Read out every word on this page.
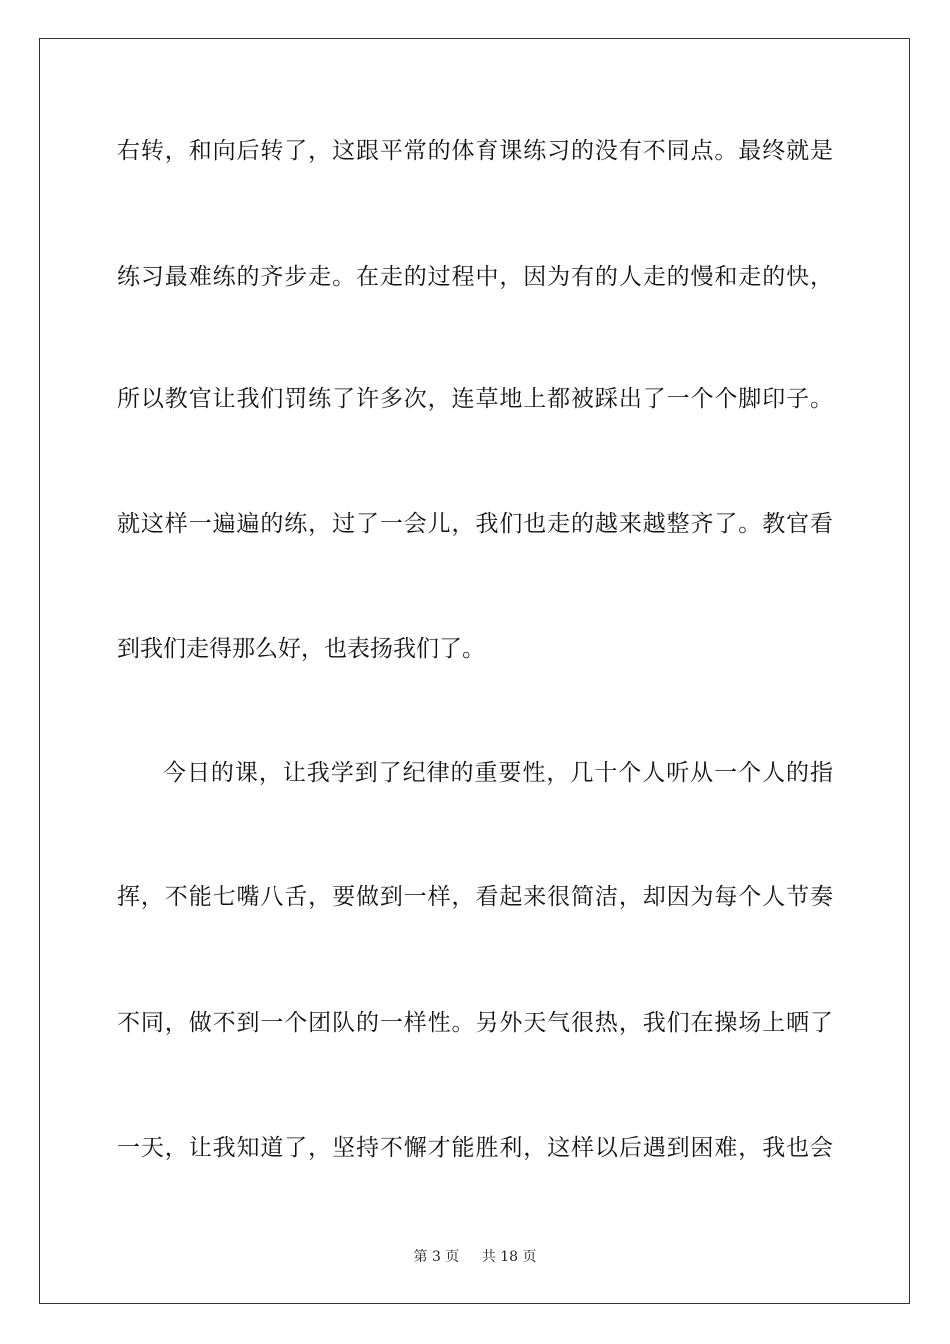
右转，和向后转了，这跟平常的体育课练习的没有不同点。最终就是
练习最难练的齐步走。在走的过程中，因为有的人走的慢和走的快，
所以教官让我们罚练了许多次，连草地上都被踩出了一个个脚印子。
就这样一遍遍的练，过了一会儿，我们也走的越来越整齐了。教官看
到我们走得那么好，也表扬我们了。
今日的课，让我学到了纪律的重要性，几十个人听从一个人的指
挥，不能七嘴八舌，要做到一样，看起来很简洁，却因为每个人节奏
不同，做不到一个团队的一样性。另外天气很热，我们在操场上晒了
一天，让我知道了，坚持不懈才能胜利，这样以后遇到困难，我也会
第 3 页 共 18 页
